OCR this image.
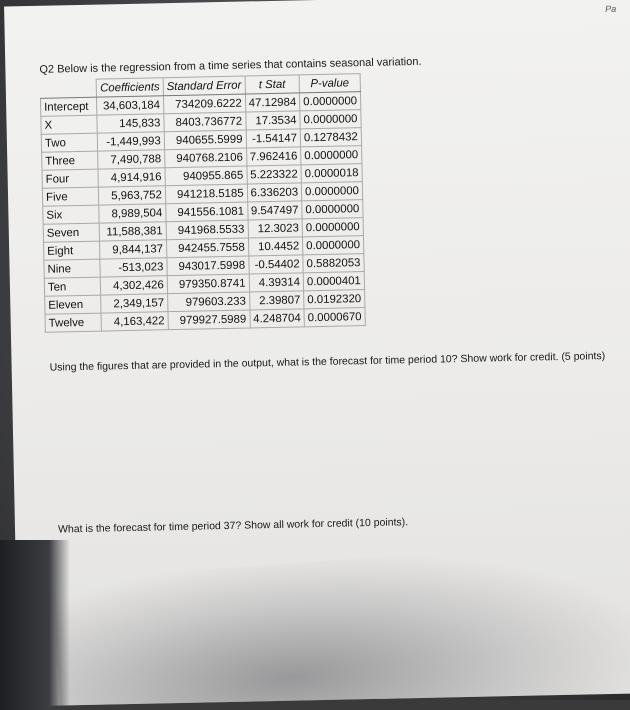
Pa
Q2 Below is the regression from a time series that contains seasonal variation.
	Coefficients	Standard Error	t Stat	P-value
Intercept	34,603,184	734209.6222	47.12984	0.0000000
X	145,833	8403.736772	17.3534	0.0000000
Two	-1,449,993	940655.5999	-1.54147	0.1278432
Three	7,490,788	940768.2106	7.962416	0.0000000
Four	4,914,916	940955.865	5.223322	0.0000018
Five	5,963,752	941218.5185	6.336203	0.0000000
Six	8,989,504	941556.1081	9.547497	0.0000000
Seven	11,588,381	941968.5533	12.3023	0.0000000
Eight	9,844,137	942455.7558	10.4452	0.0000000
Nine	-513,023	943017.5998	-0.54402	0.5882053
Ten	4,302,426	979350.8741	4.39314	0.0000401
Eleven	2,349,157	979603.233	2.39807	0.0192320
Twelve	4,163,422	979927.5989	4.248704	0.0000670
Using the figures that are provided in the output, what is the forecast for time period 10? Show work for credit. (5 points)
What is the forecast for time period 37? Show all work for credit (10 points).
